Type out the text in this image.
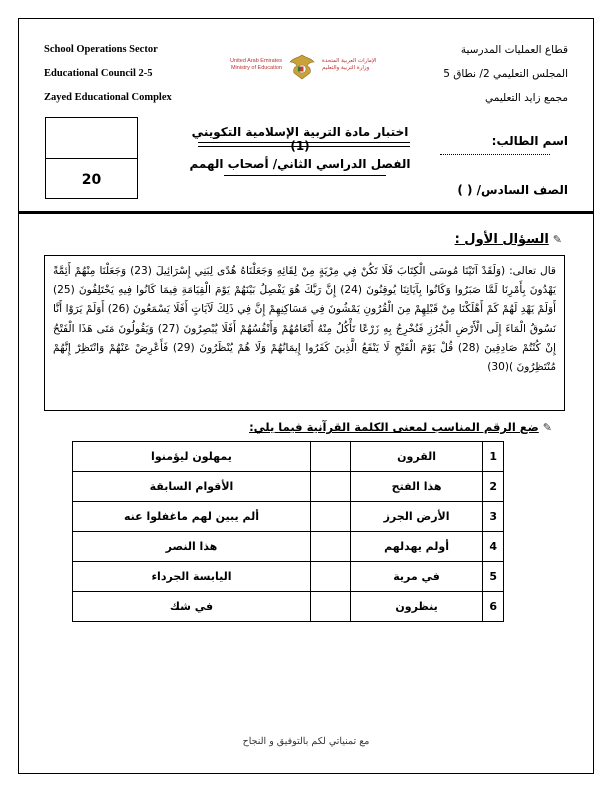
School Operations Sector
Educational Council 2-5
Zayed Educational Complex
قطاع العمليات المدرسية
المجلس التعليمي 2/ نطاق 5
مجمع زايد التعليمي
United Arab Emirates
Ministry of Education
الإمارات العربية المتحدة
وزارة التربية والتعليم
20
اختبار مادة التربية الإسلامية التكويني (1)
الفصل الدراسي الثاني/ أصحاب الهمم
اسم الطالب:
الصف السادس/ ( )
✎السؤال الأول :
قال تعالى: (وَلَقَدْ آتَيْنَا مُوسَى الْكِتَابَ فَلَا تَكُنْ فِي مِرْيَةٍ مِنْ لِقَائِهِ وَجَعَلْنَاهُ هُدًى لِبَنِي إِسْرَائِيلَ (23) وَجَعَلْنَا مِنْهُمْ أَئِمَّةً يَهْدُونَ بِأَمْرِنَا لَمَّا صَبَرُوا وَكَانُوا بِآيَاتِنَا يُوقِنُونَ (24) إِنَّ رَبَّكَ هُوَ يَفْصِلُ بَيْنَهُمْ يَوْمَ الْقِيَامَةِ فِيمَا كَانُوا فِيهِ يَخْتَلِفُونَ (25) أَوَلَمْ يَهْدِ لَهُمْ كَمْ أَهْلَكْنَا مِنْ قَبْلِهِمْ مِنَ الْقُرُونِ يَمْشُونَ فِي مَسَاكِنِهِمْ إِنَّ فِي ذَلِكَ لَآيَاتٍ أَفَلَا يَسْمَعُونَ (26) أَوَلَمْ يَرَوْا أَنَّا نَسُوقُ الْمَاءَ إِلَى الْأَرْضِ الْجُرُزِ فَنُخْرِجُ بِهِ زَرْعًا تَأْكُلُ مِنْهُ أَنْعَامُهُمْ وَأَنْفُسُهُمْ أَفَلَا يُبْصِرُونَ (27) وَيَقُولُونَ مَتَى هَذَا الْفَتْحُ إِنْ كُنْتُمْ صَادِقِينَ (28) قُلْ يَوْمَ الْفَتْحِ لَا يَنْفَعُ الَّذِينَ كَفَرُوا إِيمَانُهُمْ وَلَا هُمْ يُنْظَرُونَ (29) فَأَعْرِضْ عَنْهُمْ وَانْتَظِرْ إِنَّهُمْ مُنْتَظِرُونَ )(30)
✎ضع الرقم المناسب لمعنى الكلمة القرآنية فيما يلي:
1	القرون		يمهلون ليؤمنوا
2	هذا الفتح		الأقوام السابقة
3	الأرض الجرز		ألم يبين لهم ماغفلوا عنه
4	أولم يهدلهم		هذا النصر
5	في مرية		اليابسة الجرداء
6	ينظرون		في شك
مع تمنياتي لكم بالتوفيق و النجاح
